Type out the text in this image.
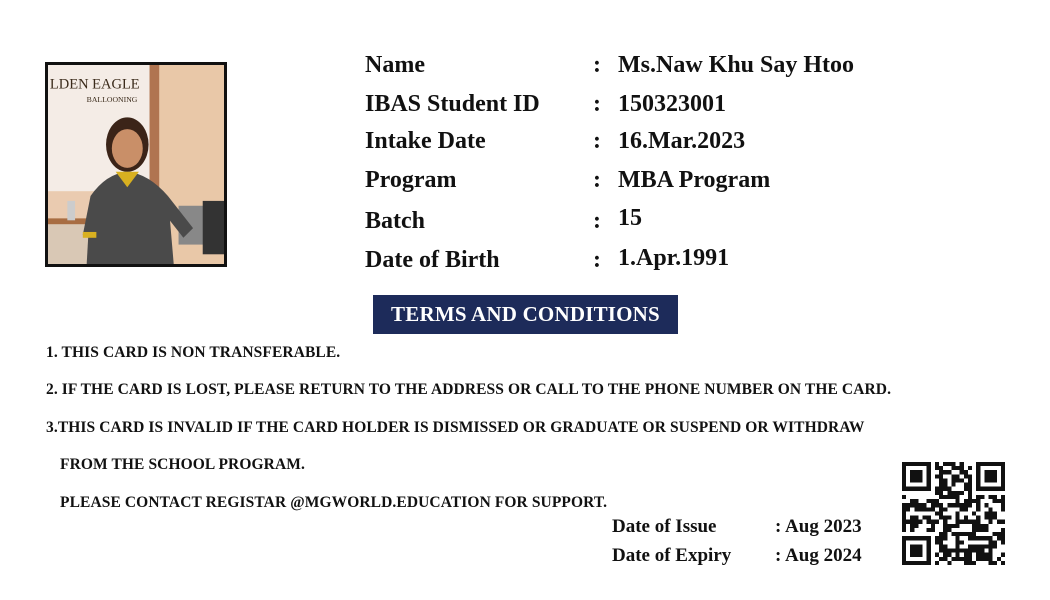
LDEN EAGLE
BALLOONING
Name	: Ms.Naw Khu Say Htoo
IBAS Student ID : 150323001
Intake Date	: 16.Mar.2023
Program	: MBA Program
Batch	: 15
Date of Birth	: 1.Apr.1991
TERMS AND CONDITIONS
1. THIS CARD IS NON TRANSFERABLE.
2. IF THE CARD IS LOST, PLEASE RETURN TO THE ADDRESS OR CALL TO THE PHONE NUMBER ON THE CARD.
3.THIS CARD IS INVALID IF THE CARD HOLDER IS DISMISSED OR GRADUATE OR SUSPEND OR WITHDRAW
FROM THE SCHOOL PROGRAM.
PLEASE CONTACT REGISTAR @MGWORLD.EDUCATION FOR SUPPORT.
Date of Issue	: Aug 2023
Date of Expiry : Aug 2024
